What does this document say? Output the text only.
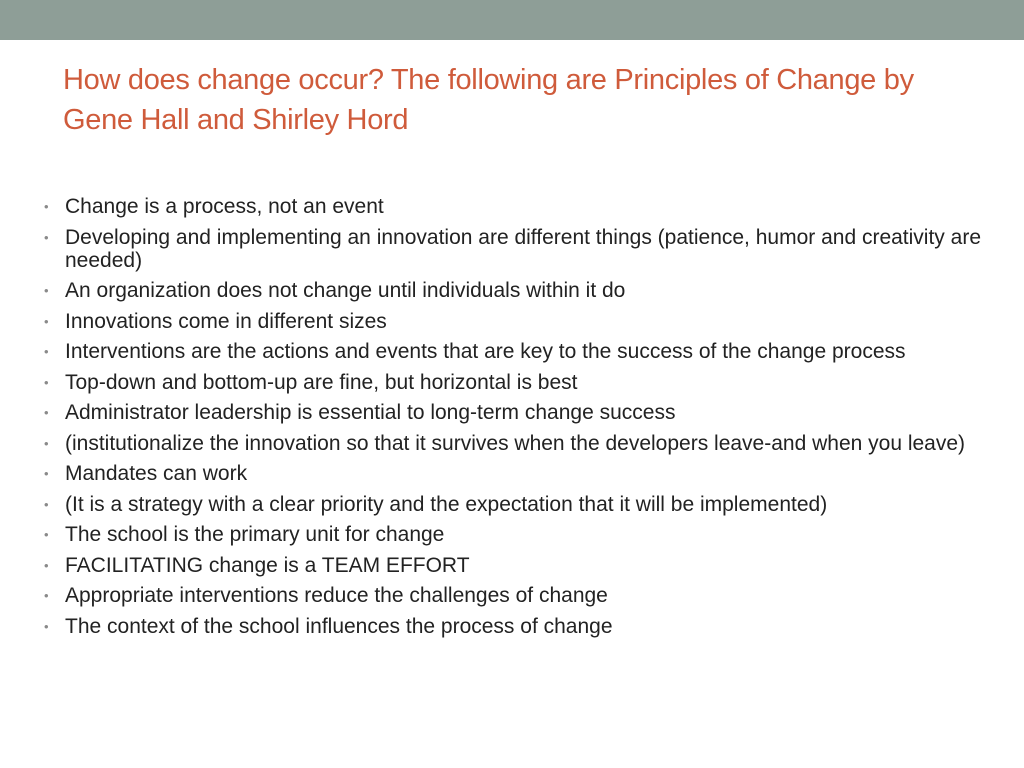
How does change occur? The following are Principles of Change by Gene Hall and Shirley Hord
• Change is a process, not an event
• Developing and implementing an innovation are different things (patience, humor and creativity are needed)
• An organization does not change until individuals within it do
• Innovations come in different sizes
• Interventions are the actions and events that are key to the success of the change process
• Top-down and bottom-up are fine, but horizontal is best
• Administrator leadership is essential to long-term change success
• (institutionalize the innovation so that it survives when the developers leave-and when you leave)
• Mandates can work
• (It is a strategy with a clear priority and the expectation that it will be implemented)
• The school is the primary unit for change
• FACILITATING change is a TEAM EFFORT
• Appropriate interventions reduce the challenges of change
• The context of the school influences the process of change
